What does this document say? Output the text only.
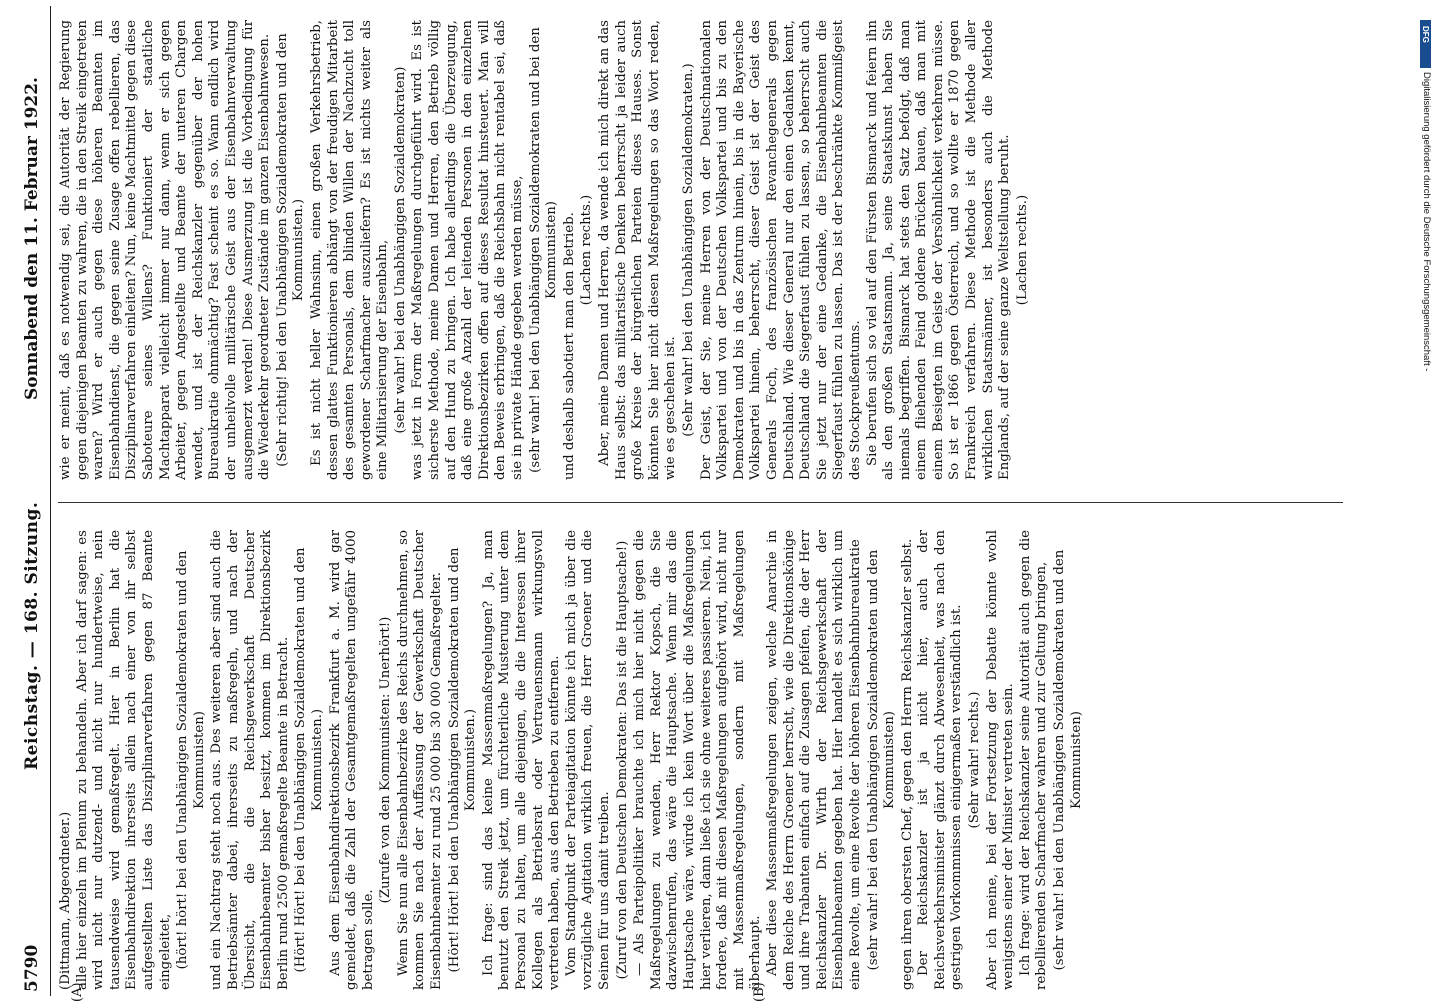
5790
Reichstag. — 168. Sitzung.
Sonnabend den 11. Februar 1922.
(A)	(B)

(Dittmann, Abgeordneter.) alle hier einzeln im Plenum zu behandeln. Aber ich darf sagen: es wird nicht nur dutzend- und nicht nur hundertweise, nein tausendweise wird gemaßregelt. Hier in Berlin hat die Eisenbahndirektion ihrerseits allein nach einer von ihr selbst aufgestellten Liste das Disziplinarverfahren gegen 87 Beamte eingeleitet, (hört! hört! bei den Unabhängigen Sozialdemokraten und den Kommunisten) und ein Nachtrag steht noch aus. Des weiteren aber sind auch die Betriebsämter dabei, ihrerseits zu maßregeln, und nach der Übersicht, die die Reichsgewerkschaft Deutscher Eisenbahnbeamter bisher besitzt, kommen im Direktionsbezirk Berlin rund 2500 gemaßregelte Beamte in Betracht. (Hört! Hört! bei den Unabhängigen Sozialdemokraten und den Kommunisten.) Aus dem Eisenbahndirektionsbezirk Frankfurt a. M. wird gar gemeldet, daß die Zahl der Gesamtgemaßregelten ungefähr 4000 betragen solle.

(Zurufe von den Kommunisten: Unerhört!) Wenn Sie nun alle Eisenbahnbezirke des Reichs durchnehmen, so kommen Sie nach der Auffassung der Gewerkschaft Deutscher Eisenbahnbeamter zu rund 25 000 bis 30 000 Gemaßregelter. (Hört! Hört! bei den Unabhängigen Sozialdemokraten und den Kommunisten.) Ich frage: sind das keine Massenmaßregelungen? Ja, man benutzt den Streik jetzt, um fürchterliche Musterung unter dem Personal zu halten, um alle diejenigen, die die Interessen ihrer Kollegen als Betriebsrat oder Vertrauensmann wirkungsvoll vertreten haben, aus den Betrieben zu entfernen. Vom Standpunkt der Parteiagitation könnte ich mich ja über die vorzügliche Agitation wirklich freuen, die Herr Groener und die Seinen für uns damit treiben. (Zuruf von den Deutschen Demokraten: Das ist die Hauptsache!) — Als Parteipolitiker brauchte ich mich hier nicht gegen die Maßregelungen zu wenden, Herr Rektor Kopsch, die Sie dazwischenrufen, das wäre die Hauptsache. Wenn mir das die Hauptsache wäre, würde ich kein Wort über die Maßregelungen hier verlieren, dann ließe ich sie ohne weiteres passieren. Nein, ich fordere, daß mit diesen Maßregelungen aufgehört wird, nicht nur mit Massenmaßregelungen, sondern mit Maßregelungen überhaupt. Aber diese Massenmaßregelungen zeigen, welche Anarchie in dem Reiche des Herrn Groener herrscht, wie die Direktionskönige und ihre Trabanten einfach auf die Zusagen pfeifen, die der Herr Reichskanzler Dr. Wirth der Reichsgewerkschaft der Eisenbahnbeamten gegeben hat. Hier handelt es sich wirklich um eine Revolte, um eine Revolte der höheren Eisenbahnbureaukratie (sehr wahr! bei den Unabhängigen Sozialdemokraten und den Kommunisten) gegen ihren obersten Chef, gegen den Herrn Reichskanzler selbst. Der Reichskanzler ist ja nicht hier, auch der Reichsverkehrsminister glänzt durch Abwesenheit, was nach den gestrigen Vorkommnissen einigermaßen verständlich ist. (Sehr wahr! rechts.) Aber ich meine, bei der Fortsetzung der Debatte könnte wohl wenigstens einer der Minister vertreten sein. Ich frage: wird der Reichskanzler seine Autorität auch gegen die rebellierenden Scharfmacher wahren und zur Geltung bringen, (sehr wahr! bei den Unabhängigen Sozialdemokraten und den Kommunisten)

wie er meint, daß es notwendig sei, die Autorität der Regierung gegen diejenigen Beamten zu wahren, die in den Streik eingetreten waren? Wird er auch gegen diese höheren Beamten im Eisenbahndienst, die gegen seine Zusage offen rebellieren, das Disziplinarverfahren einleiten? Nun, keine Machtmittel gegen diese Saboteure seines Willens? Funktioniert der staatliche Machtapparat vielleicht immer nur dann, wenn er sich gegen Arbeiter, gegen Angestellte und Beamte der unteren Chargen wendet, und ist der Reichskanzler gegenüber der hohen Bureaukratie ohnmächtig? Fast scheint es so. Wann endlich wird der unheilvolle militärische Geist aus der Eisenbahnverwaltung ausgemerzt werden! Diese Ausmerzung ist die Vorbedingung für die Wiederkehr geordneter Zustände im ganzen Eisenbahnwesen. (Sehr richtig! bei den Unabhängigen Sozialdemokraten und den Kommunisten.) Es ist nicht heller Wahnsinn, einen großen Verkehrsbetrieb, dessen glattes Funktionieren abhängt von der freudigen Mitarbeit des gesamten Personals, dem blinden Willen der Nachzucht toll gewordener Scharfmacher auszuliefern? Es ist nichts weiter als eine Militarisierung der Eisenbahn, (sehr wahr! bei den Unabhängigen Sozialdemokraten) was jetzt in Form der Maßregelungen durchgeführt wird. Es ist sicherste Methode, meine Damen und Herren, den Betrieb völlig auf den Hund zu bringen. Ich habe allerdings die Überzeugung, daß eine große Anzahl der leitenden Personen in den einzelnen Direktionsbezirken offen auf dieses Resultat hinsteuert. Man will den Beweis erbringen, daß die Reichsbahn nicht rentabel sei, daß sie in private Hände gegeben werden müsse, (sehr wahr! bei den Unabhängigen Sozialdemokraten und bei den Kommunisten) und deshalb sabotiert man den Betrieb. (Lachen rechts.) Aber, meine Damen und Herren, da wende ich mich direkt an das Haus selbst: das militaristische Denken beherrscht ja leider auch große Kreise der bürgerlichen Parteien dieses Hauses. Sonst könnten Sie hier nicht diesen Maßregelungen so das Wort reden, wie es geschehen ist. (Sehr wahr! bei den Unabhängigen Sozialdemokraten.) Der Geist, der Sie, meine Herren von der Deutschnationalen Volkspartei und von der Deutschen Volkspartei und bis zu den Demokraten und bis in das Zentrum hinein, bis in die Bayerische Volkspartei hinein, beherrscht, dieser Geist ist der Geist des Generals Foch, des französischen Revanchegenerals gegen Deutschland. Wie dieser General nur den einen Gedanken kennt, Deutschland die Siegerfaust fühlen zu lassen, so beherrscht auch Sie jetzt nur der eine Gedanke, die Eisenbahnbeamten die Siegerfaust fühlen zu lassen. Das ist der beschränkte Kommißgeist des Stockpreußentums. Sie berufen sich so viel auf den Fürsten Bismarck und feiern ihn als den großen Staatsmann. Ja, seine Staatskunst haben Sie niemals begriffen. Bismarck hat stets den Satz befolgt, daß man einem fliehenden Feind goldene Brücken bauen, daß man mit einem Besiegten im Geiste der Versöhnlichkeit verkehren müsse. So ist er 1866 gegen Österreich, und so wollte er 1870 gegen Frankreich verfahren. Diese Methode ist die Methode aller wirklichen Staatsmänner, ist besonders auch die Methode Englands, auf der seine ganze Weltstellung beruht. (Lachen rechts.)

DFG
Digitalisierung gefördert durch die Deutsche Forschungsgemeinschaft -
